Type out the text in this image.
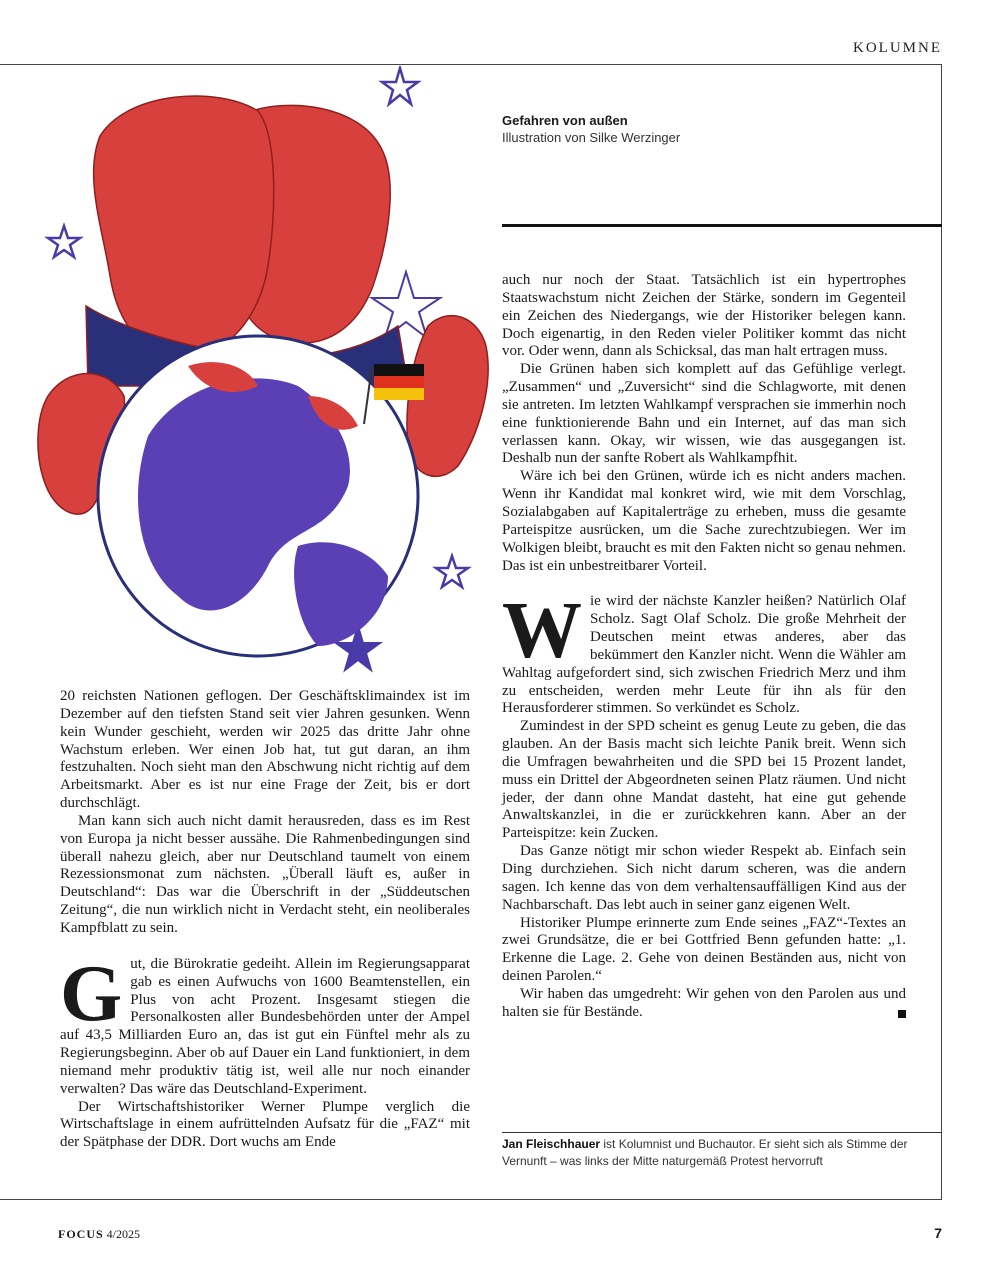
KOLUMNE

Gefahren von außen

Illustration von Silke Werzinger

20 reichsten Nationen geflogen. Der Geschäftsklimaindex ist im Dezember auf den tiefsten Stand seit vier Jahren gesunken. Wenn kein Wunder geschieht, werden wir 2025 das dritte Jahr ohne Wachstum erleben. Wer einen Job hat, tut gut daran, an ihm festzuhalten. Noch sieht man den Abschwung nicht richtig auf dem Arbeitsmarkt. Aber es ist nur eine Frage der Zeit, bis er dort durchschlägt.

Man kann sich auch nicht damit herausreden, dass es im Rest von Europa ja nicht besser aussähe. Die Rahmenbedingungen sind überall nahezu gleich, aber nur Deutschland taumelt von einem Rezessionsmonat zum nächsten. „Überall läuft es, außer in Deutschland“: Das war die Überschrift in der „Süddeutschen Zeitung“, die nun wirklich nicht in Verdacht steht, ein neoliberales Kampfblatt zu sein.

Gut, die Bürokratie gedeiht. Allein im Regierungsapparat gab es einen Aufwuchs von 1600 Beamtenstellen, ein Plus von acht Prozent. Insgesamt stiegen die Personalkosten aller Bundesbehörden unter der Ampel auf 43,5 Milliarden Euro an, das ist gut ein Fünftel mehr als zu Regierungsbeginn. Aber ob auf Dauer ein Land funktioniert, in dem niemand mehr produktiv tätig ist, weil alle nur noch einander verwalten? Das wäre das Deutschland-Experiment.

Der Wirtschaftshistoriker Werner Plumpe verglich die Wirtschaftslage in einem aufrüttelnden Aufsatz für die „FAZ“ mit der Spätphase der DDR. Dort wuchs am Ende

auch nur noch der Staat. Tatsächlich ist ein hypertrophes Staatswachstum nicht Zeichen der Stärke, sondern im Gegenteil ein Zeichen des Niedergangs, wie der Historiker belegen kann. Doch eigenartig, in den Reden vieler Politiker kommt das nicht vor. Oder wenn, dann als Schicksal, das man halt ertragen muss.

Die Grünen haben sich komplett auf das Gefühlige verlegt. „Zusammen“ und „Zuversicht“ sind die Schlagworte, mit denen sie antreten. Im letzten Wahlkampf versprachen sie immerhin noch eine funktionierende Bahn und ein Internet, auf das man sich verlassen kann. Okay, wir wissen, wie das ausgegangen ist. Deshalb nun der sanfte Robert als Wahlkampfhit.

Wäre ich bei den Grünen, würde ich es nicht anders machen. Wenn ihr Kandidat mal konkret wird, wie mit dem Vorschlag, Sozialabgaben auf Kapitalerträge zu erheben, muss die gesamte Parteispitze ausrücken, um die Sache zurechtzubiegen. Wer im Wolkigen bleibt, braucht es mit den Fakten nicht so genau nehmen. Das ist ein unbestreitbarer Vorteil.

Wie wird der nächste Kanzler heißen? Natürlich Olaf Scholz. Sagt Olaf Scholz. Die große Mehrheit der Deutschen meint etwas anderes, aber das bekümmert den Kanzler nicht. Wenn die Wähler am Wahltag aufgefordert sind, sich zwischen Friedrich Merz und ihm zu entscheiden, werden mehr Leute für ihn als für den Herausforderer stimmen. So verkündet es Scholz.

Zumindest in der SPD scheint es genug Leute zu geben, die das glauben. An der Basis macht sich leichte Panik breit. Wenn sich die Umfragen bewahrheiten und die SPD bei 15 Prozent landet, muss ein Drittel der Abgeordneten seinen Platz räumen. Und nicht jeder, der dann ohne Mandat dasteht, hat eine gut gehende Anwaltskanzlei, in die er zurückkehren kann. Aber an der Parteispitze: kein Zucken.

Das Ganze nötigt mir schon wieder Respekt ab. Einfach sein Ding durchziehen. Sich nicht darum scheren, was die andern sagen. Ich kenne das von dem verhaltensauffälligen Kind aus der Nachbarschaft. Das lebt auch in seiner ganz eigenen Welt.

Historiker Plumpe erinnerte zum Ende seines „FAZ“-Textes an zwei Grundsätze, die er bei Gottfried Benn gefunden hatte: „1. Erkenne die Lage. 2. Gehe von deinen Beständen aus, nicht von deinen Parolen.“

Wir haben das umgedreht: Wir gehen von den Parolen aus und halten sie für Bestände.

Jan Fleischhauer ist Kolumnist und Buchautor. Er sieht sich als Stimme der Vernunft – was links der Mitte naturgemäß Protest hervorruft
FOCUS 4/2025	7
